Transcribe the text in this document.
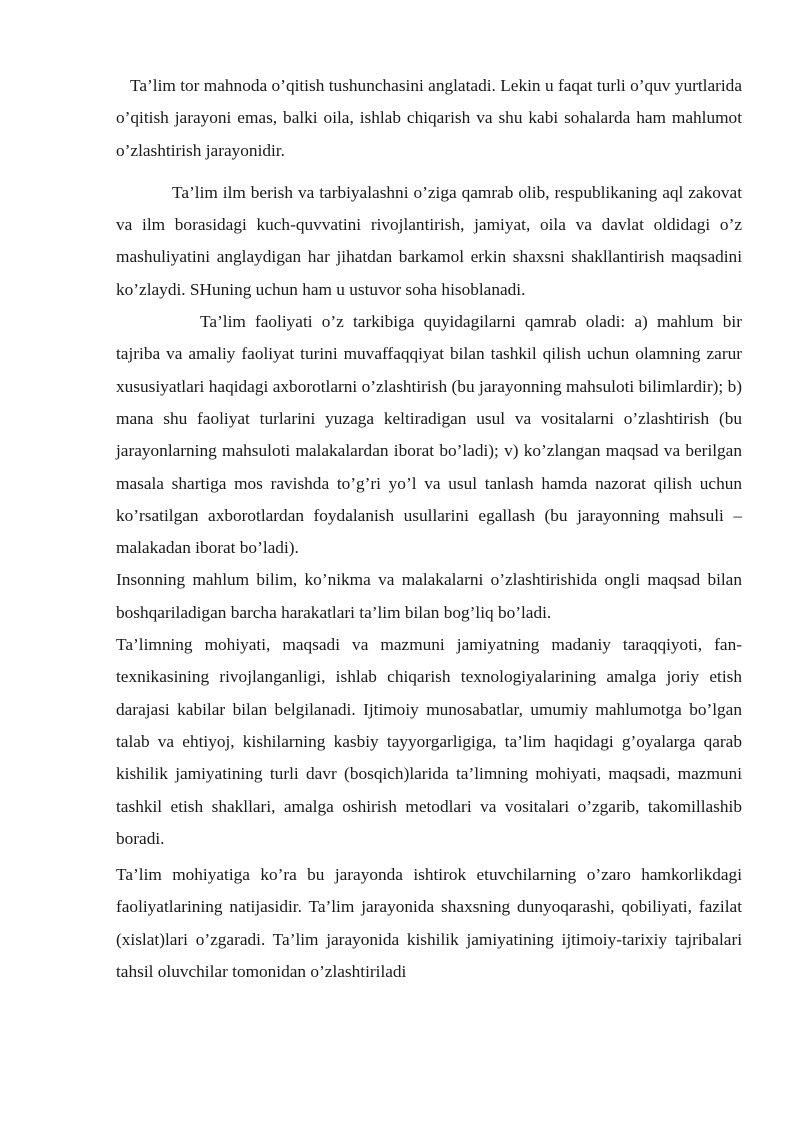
Ta’lim tor mahnoda o’qitish tushunchasini anglatadi. Lekin u faqat turli o’quv yurtlarida o’qitish jarayoni emas, balki oila, ishlab chiqarish va shu kabi sohalarda ham mahlumot o’zlashtirish jarayonidir.

Ta’lim ilm berish va tarbiyalashni o’ziga qamrab olib, respublikaning aql zakovat va ilm borasidagi kuch-quvvatini rivojlantirish, jamiyat, oila va davlat oldidagi o’z mashuliyatini anglaydigan har jihatdan barkamol erkin shaxsni shakllantirish maqsadini ko’zlaydi. SHuning uchun ham u ustuvor soha hisoblanadi.

Ta’lim faoliyati o’z tarkibiga quyidagilarni qamrab oladi: a) mahlum bir tajriba va amaliy faoliyat turini muvaffaqqiyat bilan tashkil qilish uchun olamning zarur xususiyatlari haqidagi axborotlarni o’zlashtirish (bu jarayonning mahsuloti bilimlardir); b) mana shu faoliyat turlarini yuzaga keltiradigan usul va vositalarni o’zlashtirish (bu jarayonlarning mahsuloti malakalardan iborat bo’ladi); v) ko’zlangan maqsad va berilgan masala shartiga mos ravishda to’g’ri yo’l va usul tanlash hamda nazorat qilish uchun ko’rsatilgan axborotlardan foydalanish usullarini egallash (bu jarayonning mahsuli – malakadan iborat bo’ladi).

Insonning mahlum bilim, ko’nikma va malakalarni o’zlashtirishida ongli maqsad bilan boshqariladigan barcha harakatlari ta’lim bilan bog’liq bo’ladi.

Ta’limning mohiyati, maqsadi va mazmuni jamiyatning madaniy taraqqiyoti, fan-texnikasining rivojlanganligi, ishlab chiqarish texnologiyalarining amalga joriy etish darajasi kabilar bilan belgilanadi. Ijtimoiy munosabatlar, umumiy mahlumotga bo’lgan talab va ehtiyoj, kishilarning kasbiy tayyorgarligiga, ta’lim haqidagi g’oyalarga qarab kishilik jamiyatining turli davr (bosqich)larida ta’limning mohiyati, maqsadi, mazmuni tashkil etish shakllari, amalga oshirish metodlari va vositalari o’zgarib, takomillashib boradi.

Ta’lim mohiyatiga ko’ra bu jarayonda ishtirok etuvchilarning o’zaro hamkorlikdagi faoliyatlarining natijasidir. Ta’lim jarayonida shaxsning dunyoqarashi, qobiliyati, fazilat (xislat)lari o’zgaradi. Ta’lim jarayonida kishilik jamiyatining ijtimoiy-tarixiy tajribalari tahsil oluvchilar tomonidan o’zlashtiriladi
